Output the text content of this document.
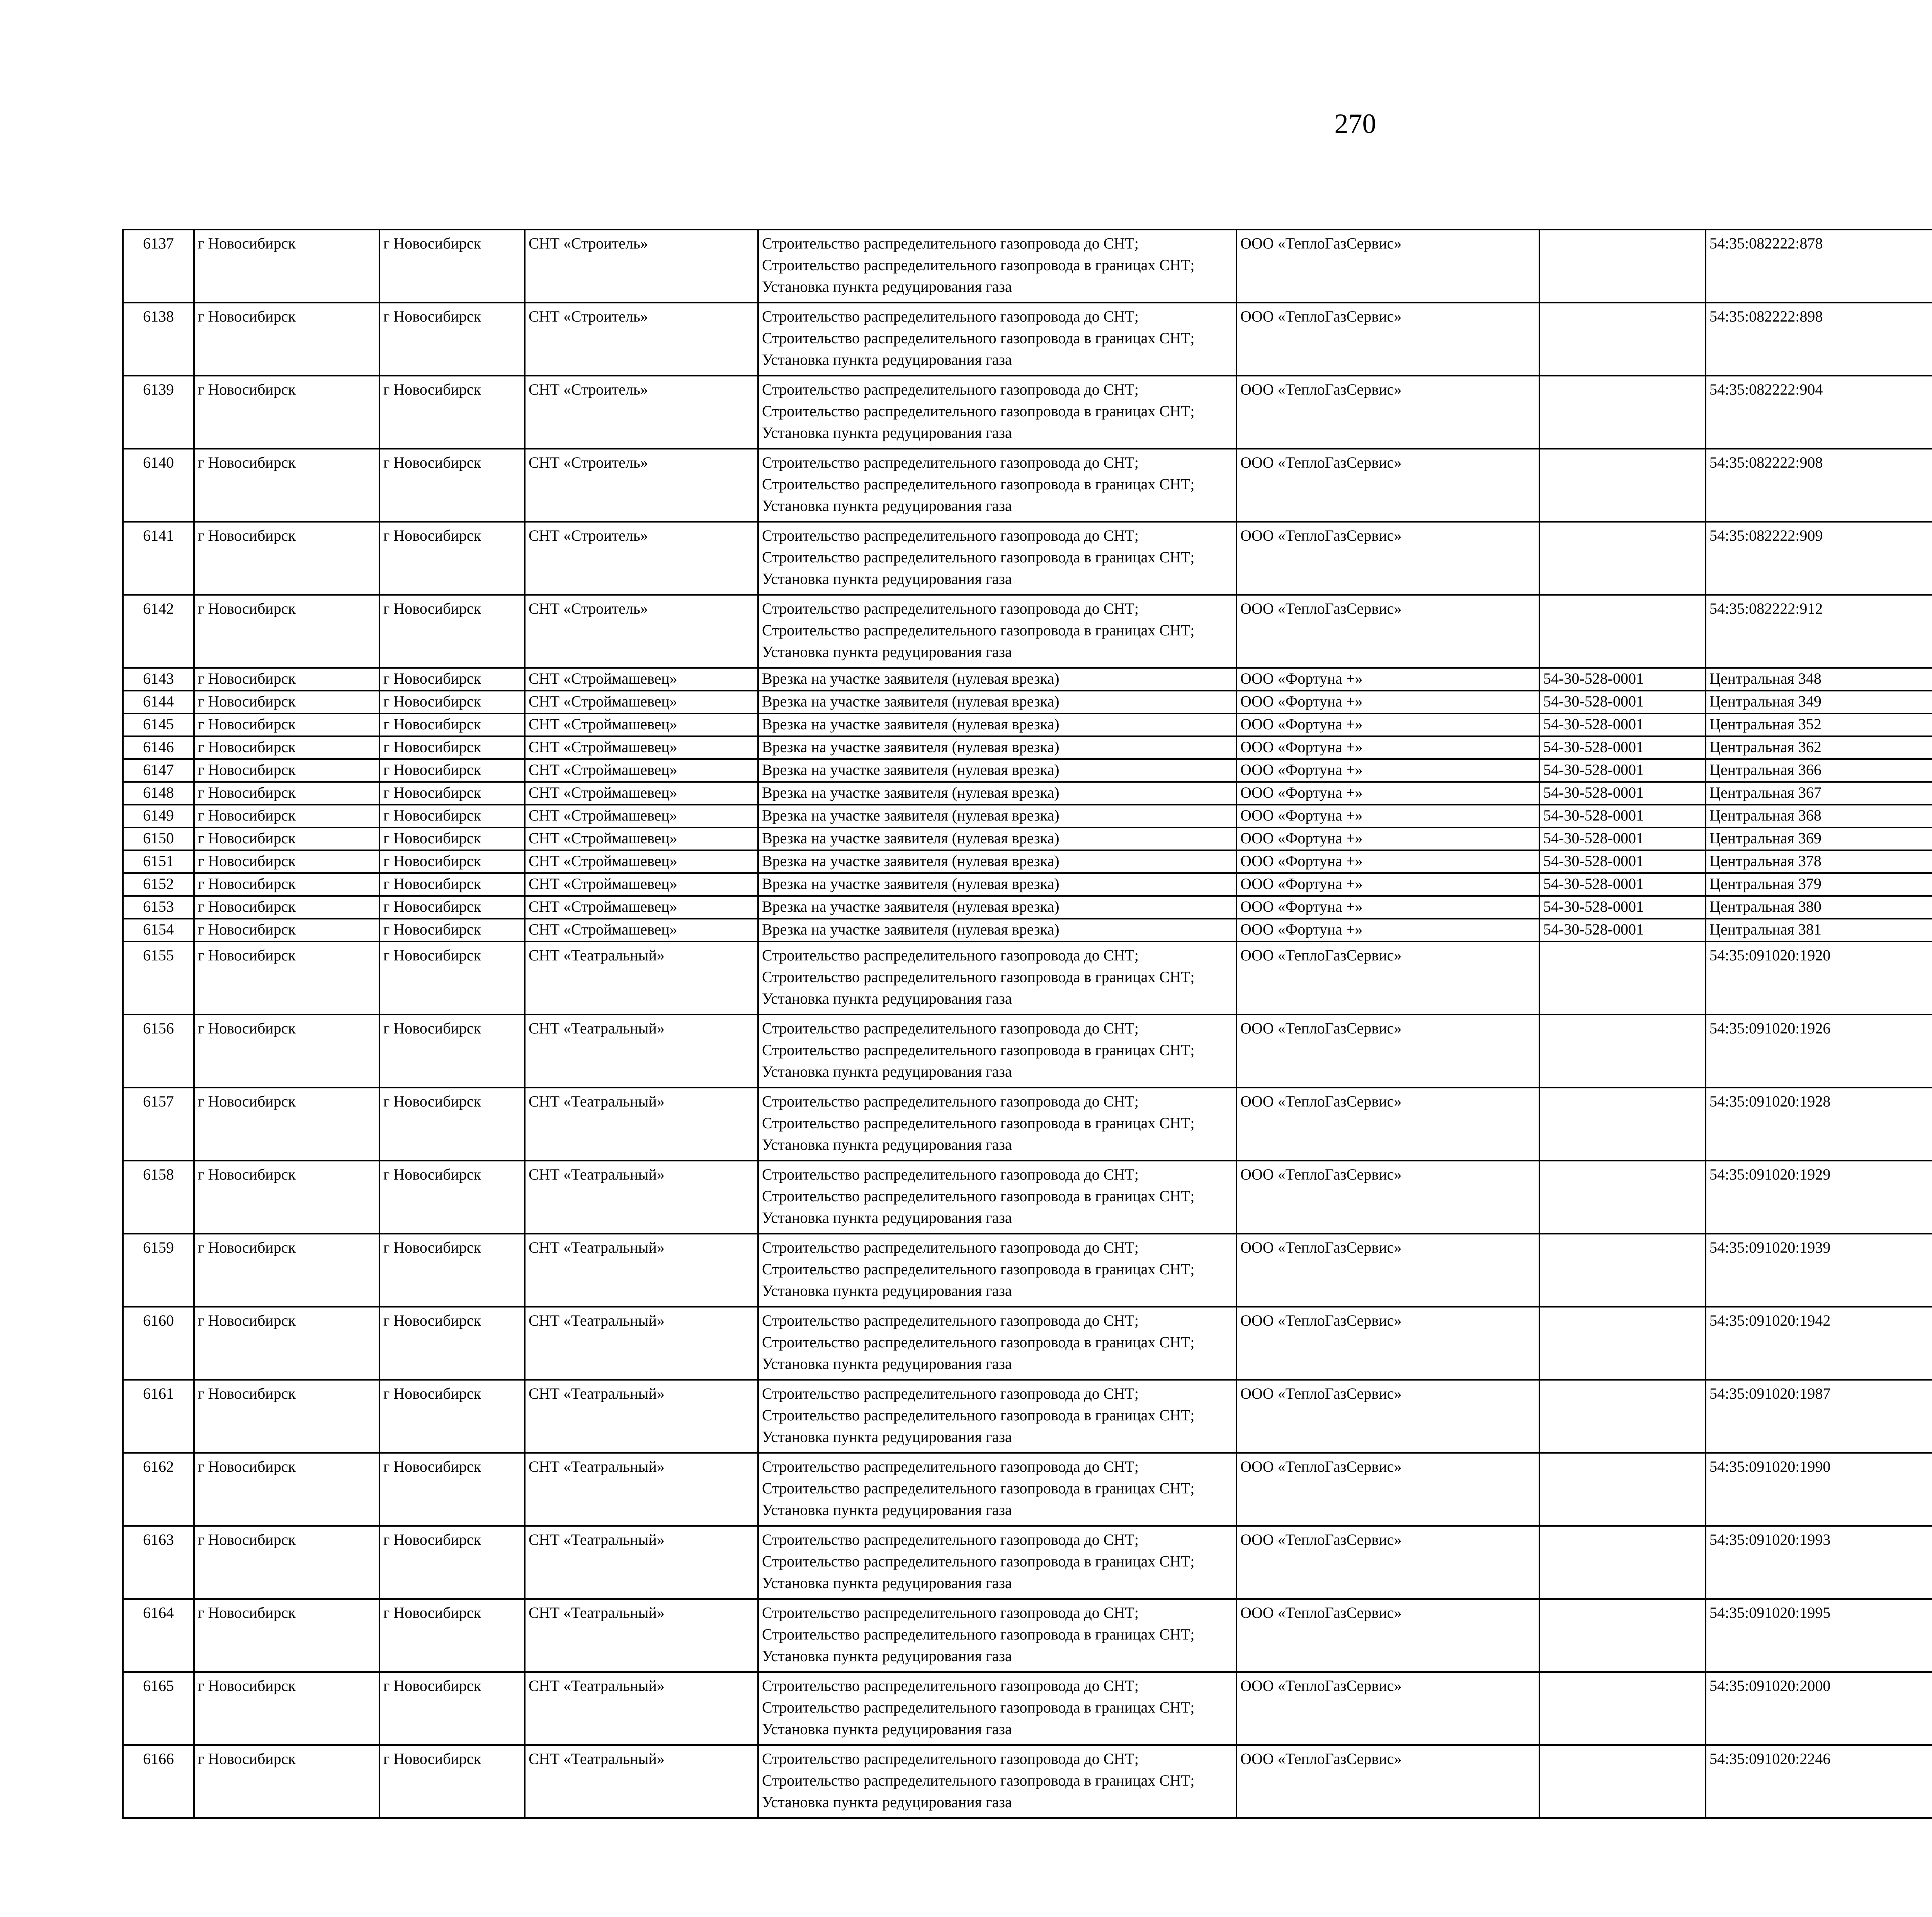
270
6137	г Новосибирск	г Новосибирск	СНТ «Строитель»	Строительство распределительного газопровода до СНТ; Строительство распределительного газопровода в границах СНТ; Установка пункта редуцирования газа	ООО «ТеплоГазСервис»		54:35:082222:878					
6138	г Новосибирск	г Новосибирск	СНТ «Строитель»	Строительство распределительного газопровода до СНТ; Строительство распределительного газопровода в границах СНТ; Установка пункта редуцирования газа	ООО «ТеплоГазСервис»		54:35:082222:898					
6139	г Новосибирск	г Новосибирск	СНТ «Строитель»	Строительство распределительного газопровода до СНТ; Строительство распределительного газопровода в границах СНТ; Установка пункта редуцирования газа	ООО «ТеплоГазСервис»		54:35:082222:904					
6140	г Новосибирск	г Новосибирск	СНТ «Строитель»	Строительство распределительного газопровода до СНТ; Строительство распределительного газопровода в границах СНТ; Установка пункта редуцирования газа	ООО «ТеплоГазСервис»		54:35:082222:908					
6141	г Новосибирск	г Новосибирск	СНТ «Строитель»	Строительство распределительного газопровода до СНТ; Строительство распределительного газопровода в границах СНТ; Установка пункта редуцирования газа	ООО «ТеплоГазСервис»		54:35:082222:909					
6142	г Новосибирск	г Новосибирск	СНТ «Строитель»	Строительство распределительного газопровода до СНТ; Строительство распределительного газопровода в границах СНТ; Установка пункта редуцирования газа	ООО «ТеплоГазСервис»		54:35:082222:912					
6143	г Новосибирск	г Новосибирск	СНТ «Строймашевец»	Врезка на участке заявителя (нулевая врезка)	ООО «Фортуна +»	54-30-528-0001	Центральная 348					
6144	г Новосибирск	г Новосибирск	СНТ «Строймашевец»	Врезка на участке заявителя (нулевая врезка)	ООО «Фортуна +»	54-30-528-0001	Центральная 349					
6145	г Новосибирск	г Новосибирск	СНТ «Строймашевец»	Врезка на участке заявителя (нулевая врезка)	ООО «Фортуна +»	54-30-528-0001	Центральная 352					
6146	г Новосибирск	г Новосибирск	СНТ «Строймашевец»	Врезка на участке заявителя (нулевая врезка)	ООО «Фортуна +»	54-30-528-0001	Центральная 362					
6147	г Новосибирск	г Новосибирск	СНТ «Строймашевец»	Врезка на участке заявителя (нулевая врезка)	ООО «Фортуна +»	54-30-528-0001	Центральная 366					
6148	г Новосибирск	г Новосибирск	СНТ «Строймашевец»	Врезка на участке заявителя (нулевая врезка)	ООО «Фортуна +»	54-30-528-0001	Центральная 367					
6149	г Новосибирск	г Новосибирск	СНТ «Строймашевец»	Врезка на участке заявителя (нулевая врезка)	ООО «Фортуна +»	54-30-528-0001	Центральная 368					
6150	г Новосибирск	г Новосибирск	СНТ «Строймашевец»	Врезка на участке заявителя (нулевая врезка)	ООО «Фортуна +»	54-30-528-0001	Центральная 369					
6151	г Новосибирск	г Новосибирск	СНТ «Строймашевец»	Врезка на участке заявителя (нулевая врезка)	ООО «Фортуна +»	54-30-528-0001	Центральная 378					
6152	г Новосибирск	г Новосибирск	СНТ «Строймашевец»	Врезка на участке заявителя (нулевая врезка)	ООО «Фортуна +»	54-30-528-0001	Центральная 379					
6153	г Новосибирск	г Новосибирск	СНТ «Строймашевец»	Врезка на участке заявителя (нулевая врезка)	ООО «Фортуна +»	54-30-528-0001	Центральная 380					
6154	г Новосибирск	г Новосибирск	СНТ «Строймашевец»	Врезка на участке заявителя (нулевая врезка)	ООО «Фортуна +»	54-30-528-0001	Центральная 381					
6155	г Новосибирск	г Новосибирск	СНТ «Театральный»	Строительство распределительного газопровода до СНТ; Строительство распределительного газопровода в границах СНТ; Установка пункта редуцирования газа	ООО «ТеплоГазСервис»		54:35:091020:1920					
6156	г Новосибирск	г Новосибирск	СНТ «Театральный»	Строительство распределительного газопровода до СНТ; Строительство распределительного газопровода в границах СНТ; Установка пункта редуцирования газа	ООО «ТеплоГазСервис»		54:35:091020:1926					
6157	г Новосибирск	г Новосибирск	СНТ «Театральный»	Строительство распределительного газопровода до СНТ; Строительство распределительного газопровода в границах СНТ; Установка пункта редуцирования газа	ООО «ТеплоГазСервис»		54:35:091020:1928					
6158	г Новосибирск	г Новосибирск	СНТ «Театральный»	Строительство распределительного газопровода до СНТ; Строительство распределительного газопровода в границах СНТ; Установка пункта редуцирования газа	ООО «ТеплоГазСервис»		54:35:091020:1929					
6159	г Новосибирск	г Новосибирск	СНТ «Театральный»	Строительство распределительного газопровода до СНТ; Строительство распределительного газопровода в границах СНТ; Установка пункта редуцирования газа	ООО «ТеплоГазСервис»		54:35:091020:1939					
6160	г Новосибирск	г Новосибирск	СНТ «Театральный»	Строительство распределительного газопровода до СНТ; Строительство распределительного газопровода в границах СНТ; Установка пункта редуцирования газа	ООО «ТеплоГазСервис»		54:35:091020:1942					
6161	г Новосибирск	г Новосибирск	СНТ «Театральный»	Строительство распределительного газопровода до СНТ; Строительство распределительного газопровода в границах СНТ; Установка пункта редуцирования газа	ООО «ТеплоГазСервис»		54:35:091020:1987					
6162	г Новосибирск	г Новосибирск	СНТ «Театральный»	Строительство распределительного газопровода до СНТ; Строительство распределительного газопровода в границах СНТ; Установка пункта редуцирования газа	ООО «ТеплоГазСервис»		54:35:091020:1990					
6163	г Новосибирск	г Новосибирск	СНТ «Театральный»	Строительство распределительного газопровода до СНТ; Строительство распределительного газопровода в границах СНТ; Установка пункта редуцирования газа	ООО «ТеплоГазСервис»		54:35:091020:1993					
6164	г Новосибирск	г Новосибирск	СНТ «Театральный»	Строительство распределительного газопровода до СНТ; Строительство распределительного газопровода в границах СНТ; Установка пункта редуцирования газа	ООО «ТеплоГазСервис»		54:35:091020:1995					
6165	г Новосибирск	г Новосибирск	СНТ «Театральный»	Строительство распределительного газопровода до СНТ; Строительство распределительного газопровода в границах СНТ; Установка пункта редуцирования газа	ООО «ТеплоГазСервис»		54:35:091020:2000					
6166	г Новосибирск	г Новосибирск	СНТ «Театральный»	Строительство распределительного газопровода до СНТ; Строительство распределительного газопровода в границах СНТ; Установка пункта редуцирования газа	ООО «ТеплоГазСервис»		54:35:091020:2246					
